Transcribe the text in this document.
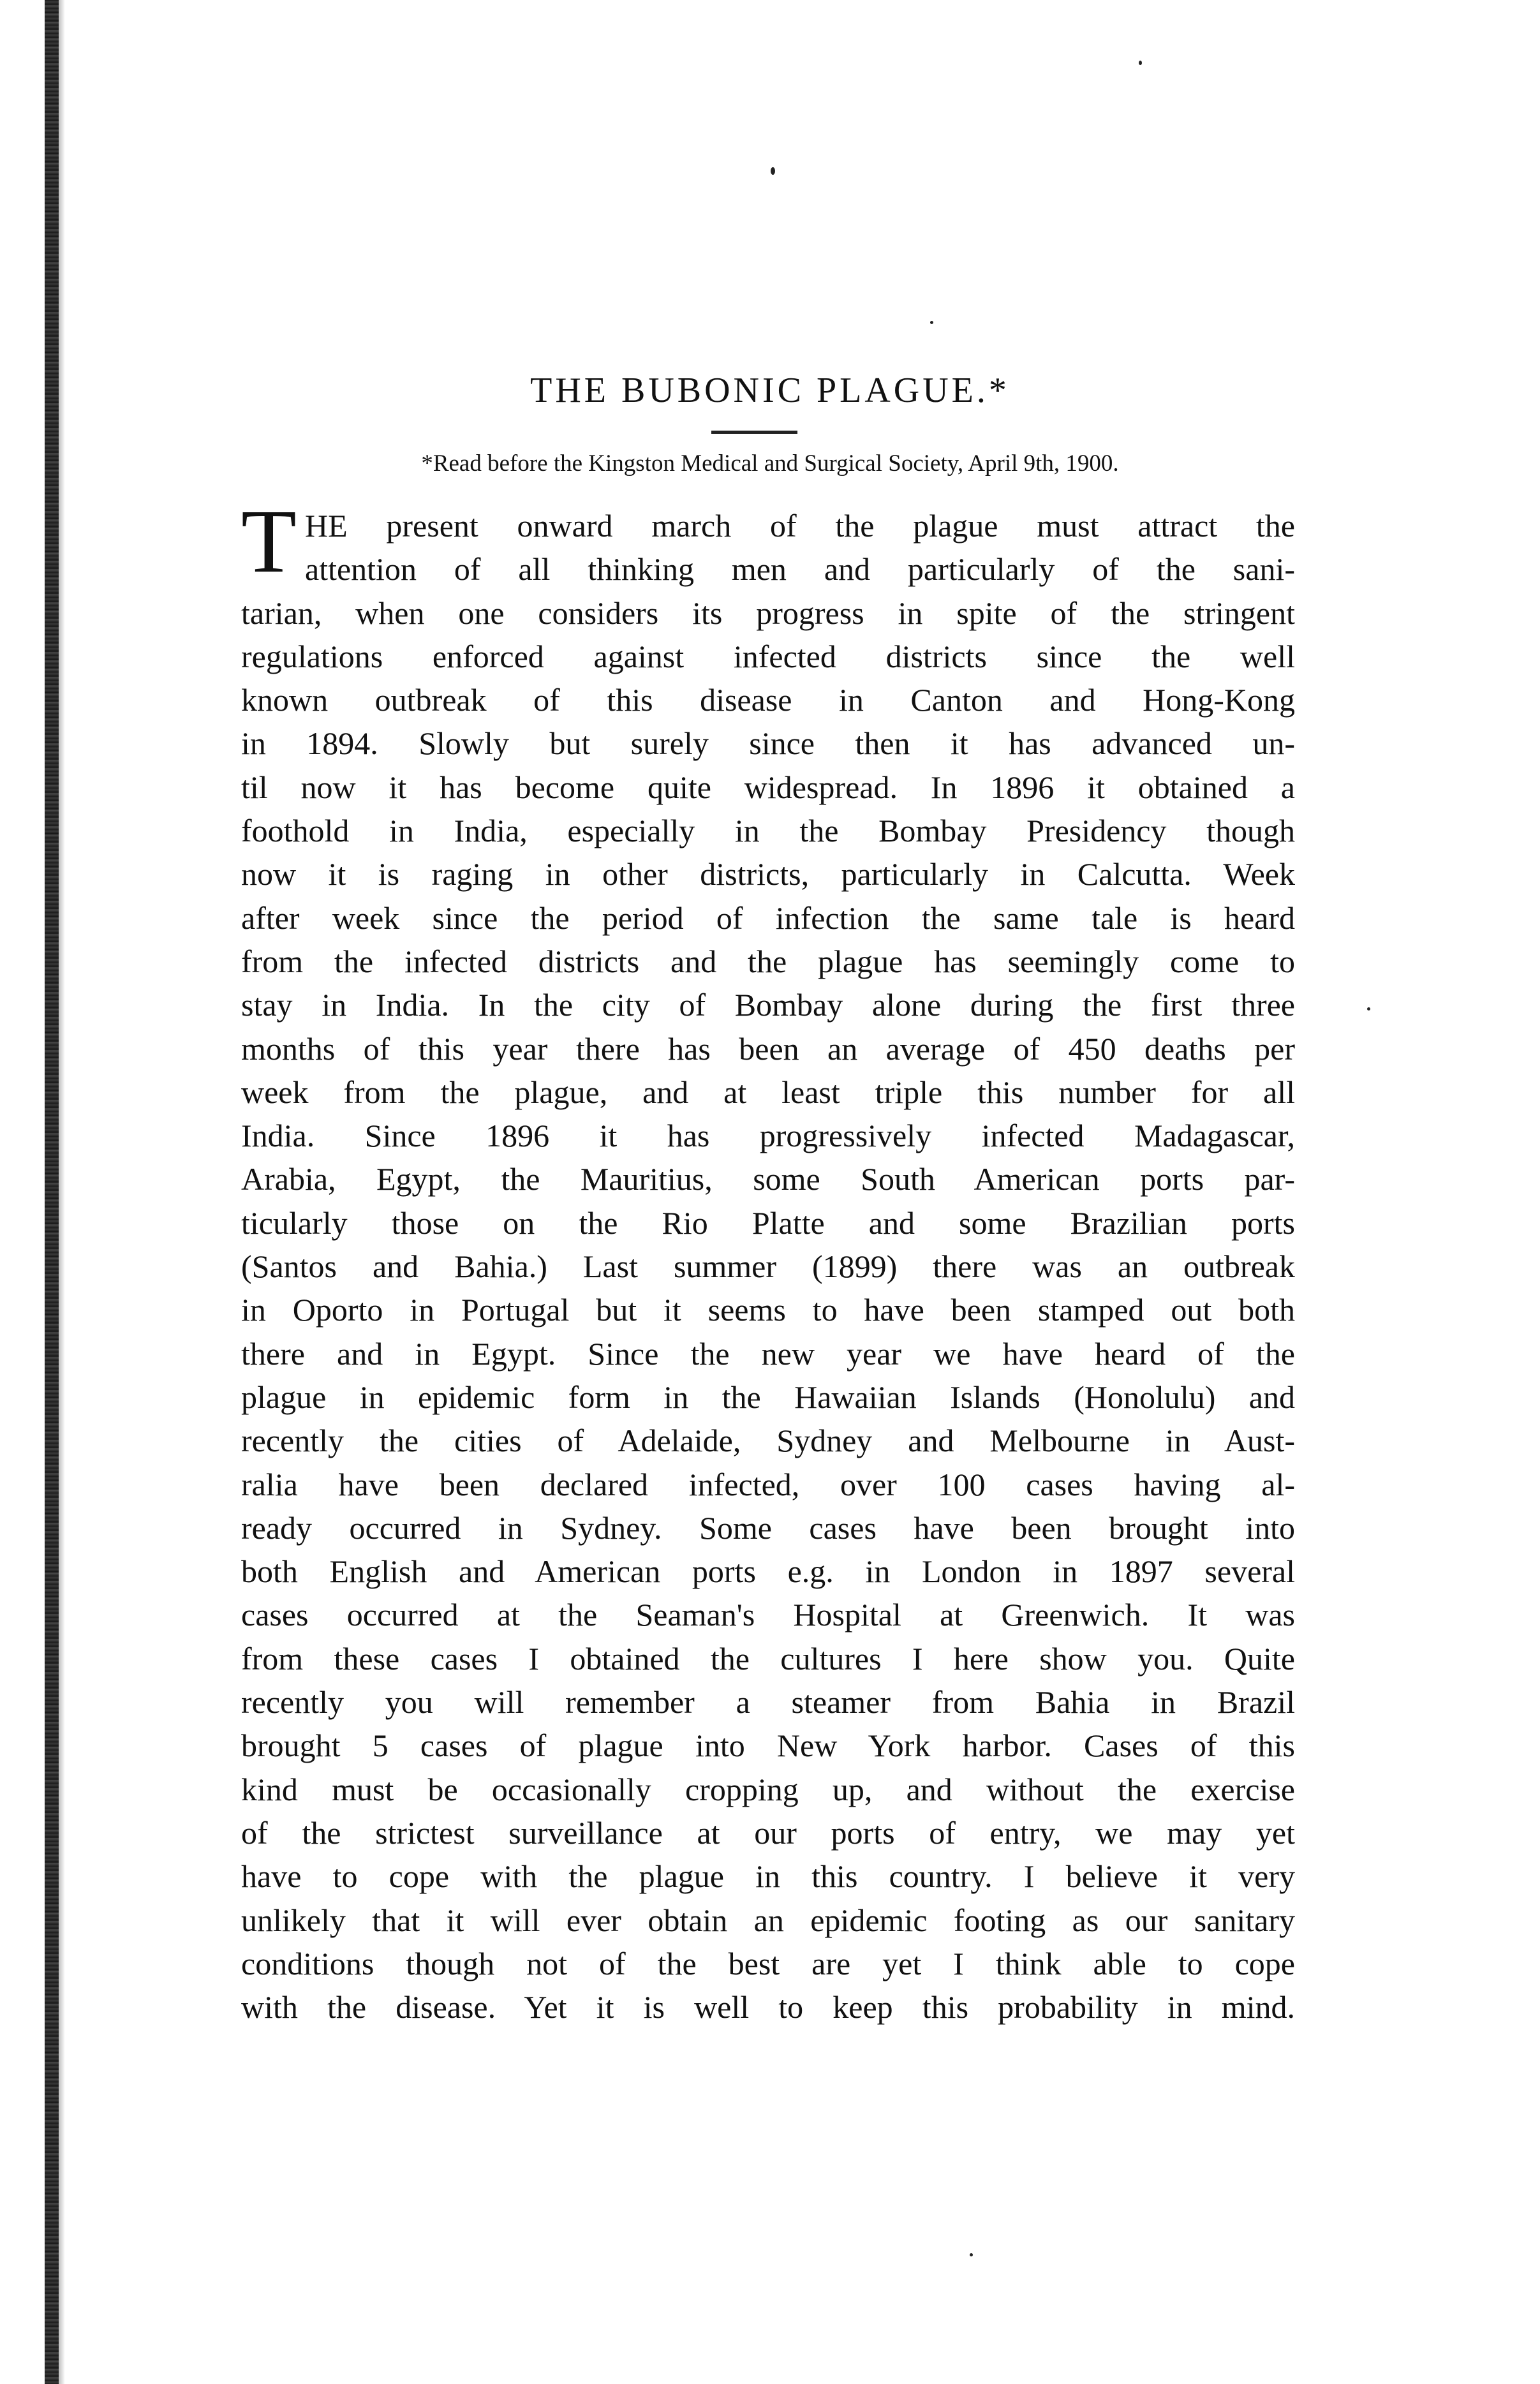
THE BUBONIC PLAGUE.*

*Read before the Kingston Medical and Surgical Society, April 9th, 1900.

T HE present onward march of the plague must attract the
attention of all thinking men and particularly of the sani-
tarian, when one considers its progress in spite of the stringent
regulations enforced against infected districts since the well
known outbreak of this disease in Canton and Hong-Kong
in 1894. Slowly but surely since then it has advanced un-
til now it has become quite widespread. In 1896 it obtained a
foothold in India, especially in the Bombay Presidency though
now it is raging in other districts, particularly in Calcutta. Week
after week since the period of infection the same tale is heard
from the infected districts and the plague has seemingly come to
stay in India. In the city of Bombay alone during the first three
months of this year there has been an average of 450 deaths per
week from the plague, and at least triple this number for all
India. Since 1896 it has progressively infected Madagascar,
Arabia, Egypt, the Mauritius, some South American ports par-
ticularly those on the Rio Platte and some Brazilian ports
(Santos and Bahia.) Last summer (1899) there was an outbreak
in Oporto in Portugal but it seems to have been stamped out both
there and in Egypt. Since the new year we have heard of the
plague in epidemic form in the Hawaiian Islands (Honolulu) and
recently the cities of Adelaide, Sydney and Melbourne in Aust-
ralia have been declared infected, over 100 cases having al-
ready occurred in Sydney. Some cases have been brought into
both English and American ports e.g. in London in 1897 several
cases occurred at the Seaman's Hospital at Greenwich. It was
from these cases I obtained the cultures I here show you. Quite
recently you will remember a steamer from Bahia in Brazil
brought 5 cases of plague into New York harbor. Cases of this
kind must be occasionally cropping up, and without the exercise
of the strictest surveillance at our ports of entry, we may yet
have to cope with the plague in this country. I believe it very
unlikely that it will ever obtain an epidemic footing as our sanitary
conditions though not of the best are yet I think able to cope
with the disease. Yet it is well to keep this probability in mind.
